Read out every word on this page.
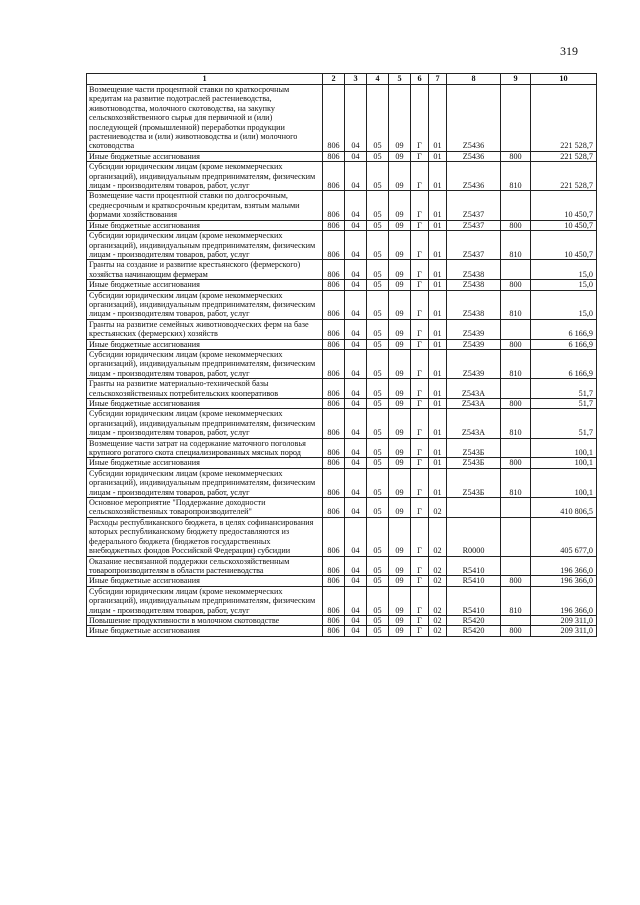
319
1	2	3	4	5	6	7	8	9	10
Возмещение части процентной ставки по краткосрочным кредитам на развитие подотраслей растениеводства, животноводства, молочного скотоводства, на закупку сельскохозяйственного сырья для первичной и (или) последующей (промышленной) переработки продукции растениеводства и (или) животноводства и (или) молочного скотоводства	806	04	05	09	Г	01	Z5436		221 528,7
Иные бюджетные ассигнования	806	04	05	09	Г	01	Z5436	800	221 528,7
Субсидии юридическим лицам (кроме некоммерческих организаций), индивидуальным предпринимателям, физическим лицам - производителям товаров, работ, услуг	806	04	05	09	Г	01	Z5436	810	221 528,7
Возмещение части процентной ставки по долгосрочным, среднесрочным и краткосрочным кредитам, взятым малыми формами хозяйствования	806	04	05	09	Г	01	Z5437		10 450,7
Иные бюджетные ассигнования	806	04	05	09	Г	01	Z5437	800	10 450,7
Субсидии юридическим лицам (кроме некоммерческих организаций), индивидуальным предпринимателям, физическим лицам - производителям товаров, работ, услуг	806	04	05	09	Г	01	Z5437	810	10 450,7
Гранты на создание и развитие крестьянского (фермерского) хозяйства начинающим фермерам	806	04	05	09	Г	01	Z5438		15,0
Иные бюджетные ассигнования	806	04	05	09	Г	01	Z5438	800	15,0
Субсидии юридическим лицам (кроме некоммерческих организаций), индивидуальным предпринимателям, физическим лицам - производителям товаров, работ, услуг	806	04	05	09	Г	01	Z5438	810	15,0
Гранты на развитие семейных животноводческих ферм на базе крестьянских (фермерских) хозяйств	806	04	05	09	Г	01	Z5439		6 166,9
Иные бюджетные ассигнования	806	04	05	09	Г	01	Z5439	800	6 166,9
Субсидии юридическим лицам (кроме некоммерческих организаций), индивидуальным предпринимателям, физическим лицам - производителям товаров, работ, услуг	806	04	05	09	Г	01	Z5439	810	6 166,9
Гранты на развитие материально-технической базы сельскохозяйственных потребительских кооперативов	806	04	05	09	Г	01	Z543A		51,7
Иные бюджетные ассигнования	806	04	05	09	Г	01	Z543A	800	51,7
Субсидии юридическим лицам (кроме некоммерческих организаций), индивидуальным предпринимателям, физическим лицам - производителям товаров, работ, услуг	806	04	05	09	Г	01	Z543A	810	51,7
Возмещение части затрат на содержание маточного поголовья крупного рогатого скота специализированных мясных пород	806	04	05	09	Г	01	Z543Б		100,1
Иные бюджетные ассигнования	806	04	05	09	Г	01	Z543Б	800	100,1
Субсидии юридическим лицам (кроме некоммерческих организаций), индивидуальным предпринимателям, физическим лицам - производителям товаров, работ, услуг	806	04	05	09	Г	01	Z543Б	810	100,1
Основное мероприятие "Поддержание доходности сельскохозяйственных товаропроизводителей"	806	04	05	09	Г	02			410 806,5
Расходы республиканского бюджета, в целях софинансирования которых республиканскому бюджету предоставляются из федерального бюджета (бюджетов государственных внебюджетных фондов Российской Федерации) субсидии	806	04	05	09	Г	02	R0000		405 677,0
Оказание несвязанной поддержки сельскохозяйственным товаропроизводителям в области растениеводства	806	04	05	09	Г	02	R5410		196 366,0
Иные бюджетные ассигнования	806	04	05	09	Г	02	R5410	800	196 366,0
Субсидии юридическим лицам (кроме некоммерческих организаций), индивидуальным предпринимателям, физическим лицам - производителям товаров, работ, услуг	806	04	05	09	Г	02	R5410	810	196 366,0
Повышение продуктивности в молочном скотоводстве	806	04	05	09	Г	02	R5420		209 311,0
Иные бюджетные ассигнования	806	04	05	09	Г	02	R5420	800	209 311,0
